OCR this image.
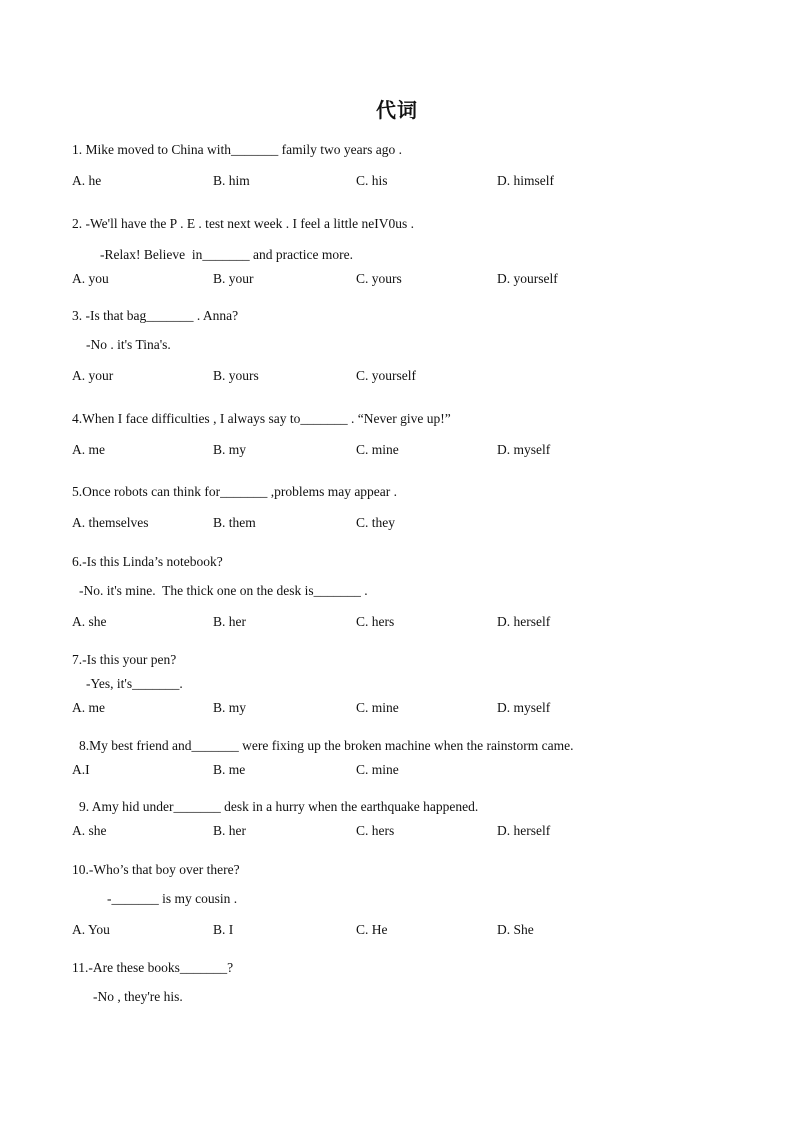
代词
1. Mike moved to China with_______ family two years ago .
A. he	B. him	C. his	D. himself
2. -We'll have the P . E . test next week . I feel a little neIV0us .
-Relax! Believe  in_______ and practice more.
A. you	B. your	C. yours	D. yourself
3. -Is that bag_______ . Anna?
-No . it's Tina's.
A. your	B. yours	C. yourself
4.When I face difficulties , I always say to_______ . “Never give up!”
A. me	B. my	C. mine	D. myself
5.Once robots can think for_______ ,problems may appear .
A. themselves	B. them	C. they
6.-Is this Linda’s notebook?
-No. it's mine.  The thick one on the desk is_______ .
A. she	B. her	C. hers	D. herself
7.-Is this your pen?
-Yes, it's_______.
A. me	B. my	C. mine	D. myself
8.My best friend and_______ were fixing up the broken machine when the rainstorm came.
A.I	B. me	C. mine
9. Amy hid under_______ desk in a hurry when the earthquake happened.
A. she	B. her	C. hers	D. herself
10.-Who’s that boy over there?
-_______ is my cousin .
A. You	B. I	C. He	D. She
11.-Are these books_______?
-No , they're his.
